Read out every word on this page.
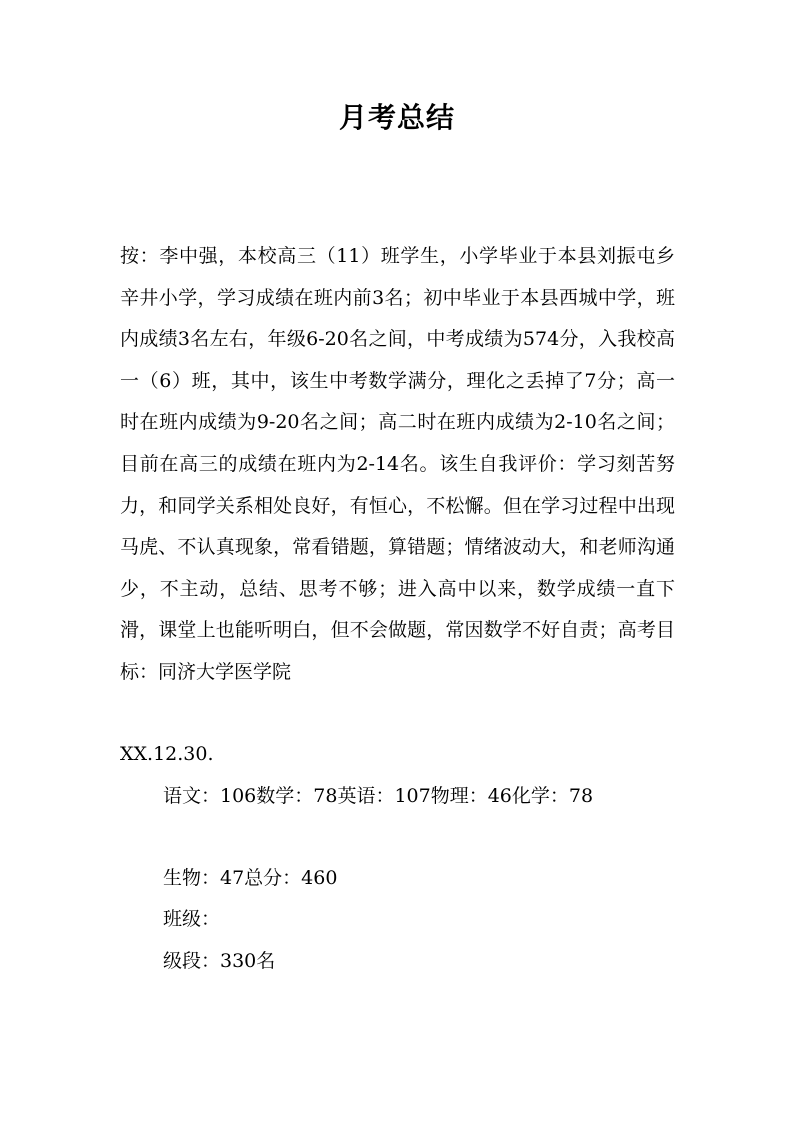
月考总结

按：李中强，本校高三（11）班学生，小学毕业于本县刘振屯乡辛井小学，学习成绩在班内前3名；初中毕业于本县西城中学，班内成绩3名左右，年级6-20名之间，中考成绩为574分，入我校高一（6）班，其中，该生中考数学满分，理化之丢掉了7分；高一时在班内成绩为9-20名之间；高二时在班内成绩为2-10名之间；目前在高三的成绩在班内为2-14名。该生自我评价：学习刻苦努力，和同学关系相处良好，有恒心，不松懈。但在学习过程中出现马虎、不认真现象，常看错题，算错题；情绪波动大，和老师沟通少，不主动，总结、思考不够；进入高中以来，数学成绩一直下滑，课堂上也能听明白，但不会做题，常因数学不好自责；高考目标：同济大学医学院

XX.12.30.

语文：106数学：78英语：107物理：46化学：78

生物：47总分：460

班级：

级段：330名
